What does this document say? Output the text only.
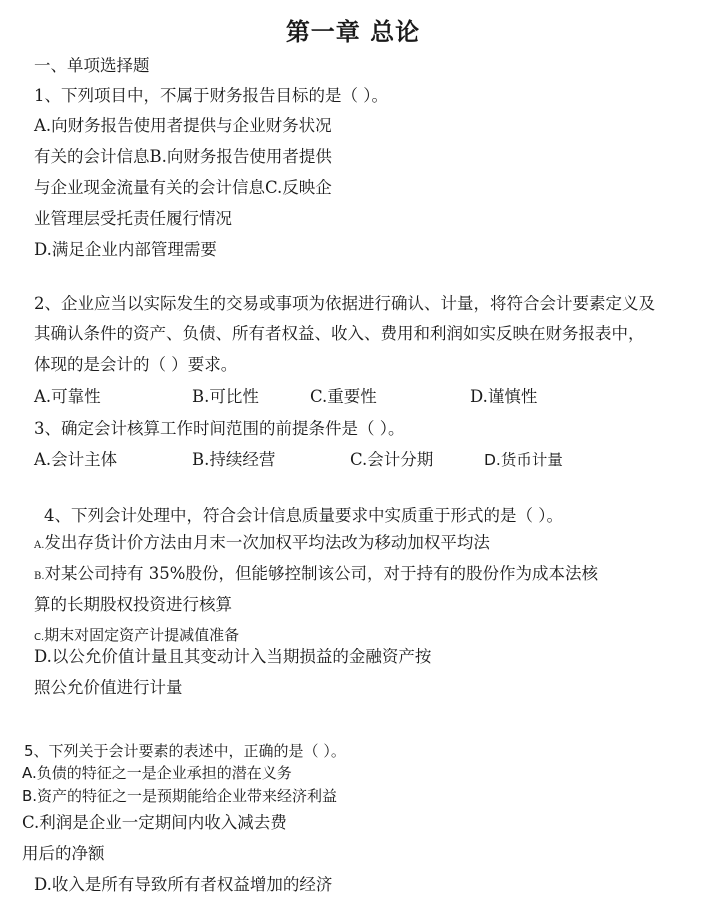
第一章 总论
一、单项选择题
1、下列项目中，不属于财务报告目标的是（ ）。
A.向财务报告使用者提供与企业财务状况
有关的会计信息B.向财务报告使用者提供
与企业现金流量有关的会计信息C.反映企
业管理层受托责任履行情况
D.满足企业内部管理需要
2、企业应当以实际发生的交易或事项为依据进行确认、计量，将符合会计要素定义及
其确认条件的资产、负债、所有者权益、收入、费用和利润如实反映在财务报表中，
体现的是会计的（ ）要求。
A.可靠性	B.可比性	C.重要性	D.谨慎性
3、确定会计核算工作时间范围的前提条件是（ ）。
A.会计主体	B.持续经营	C.会计分期	D.货币计量
4、下列会计处理中，符合会计信息质量要求中实质重于形式的是（ ）。
A.发出存货计价方法由月末一次加权平均法改为移动加权平均法
B.对某公司持有 35%股份，但能够控制该公司，对于持有的股份作为成本法核
算的长期股权投资进行核算
C.期末对固定资产计提减值准备
D.以公允价值计量且其变动计入当期损益的金融资产按
照公允价值进行计量
5、下列关于会计要素的表述中，正确的是（ ）。
A.负债的特征之一是企业承担的潜在义务
B.资产的特征之一是预期能给企业带来经济利益
C.利润是企业一定期间内收入减去费
用后的净额
D.收入是所有导致所有者权益增加的经济
